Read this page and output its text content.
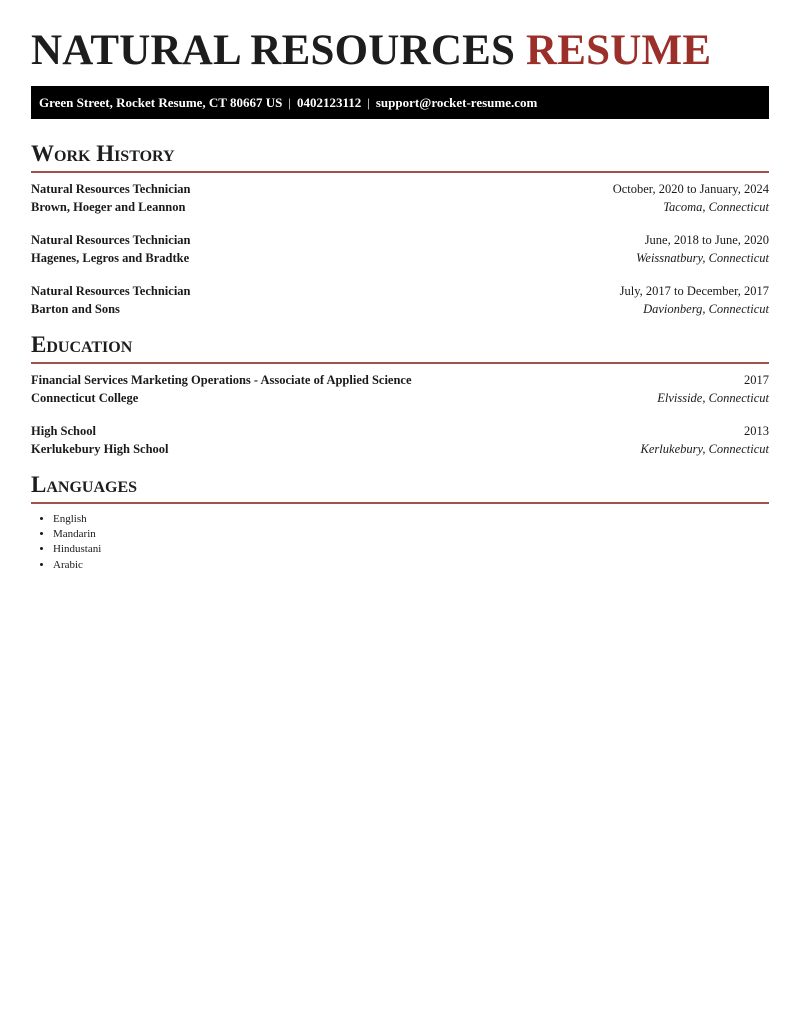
NATURAL RESOURCES RESUME
Green Street, Rocket Resume, CT 80667 US | 0402123112 | support@rocket-resume.com
Work History
Natural Resources Technician	October, 2020 to January, 2024
Brown, Hoeger and Leannon	Tacoma, Connecticut
Natural Resources Technician	June, 2018 to June, 2020
Hagenes, Legros and Bradtke	Weissnatbury, Connecticut
Natural Resources Technician	July, 2017 to December, 2017
Barton and Sons	Davionberg, Connecticut
Education
Financial Services Marketing Operations - Associate of Applied Science	2017
Connecticut College	Elvisside, Connecticut
High School	2013
Kerlukebury High School	Kerlukebury, Connecticut
Languages
• English
• Mandarin
• Hindustani
• Arabic
